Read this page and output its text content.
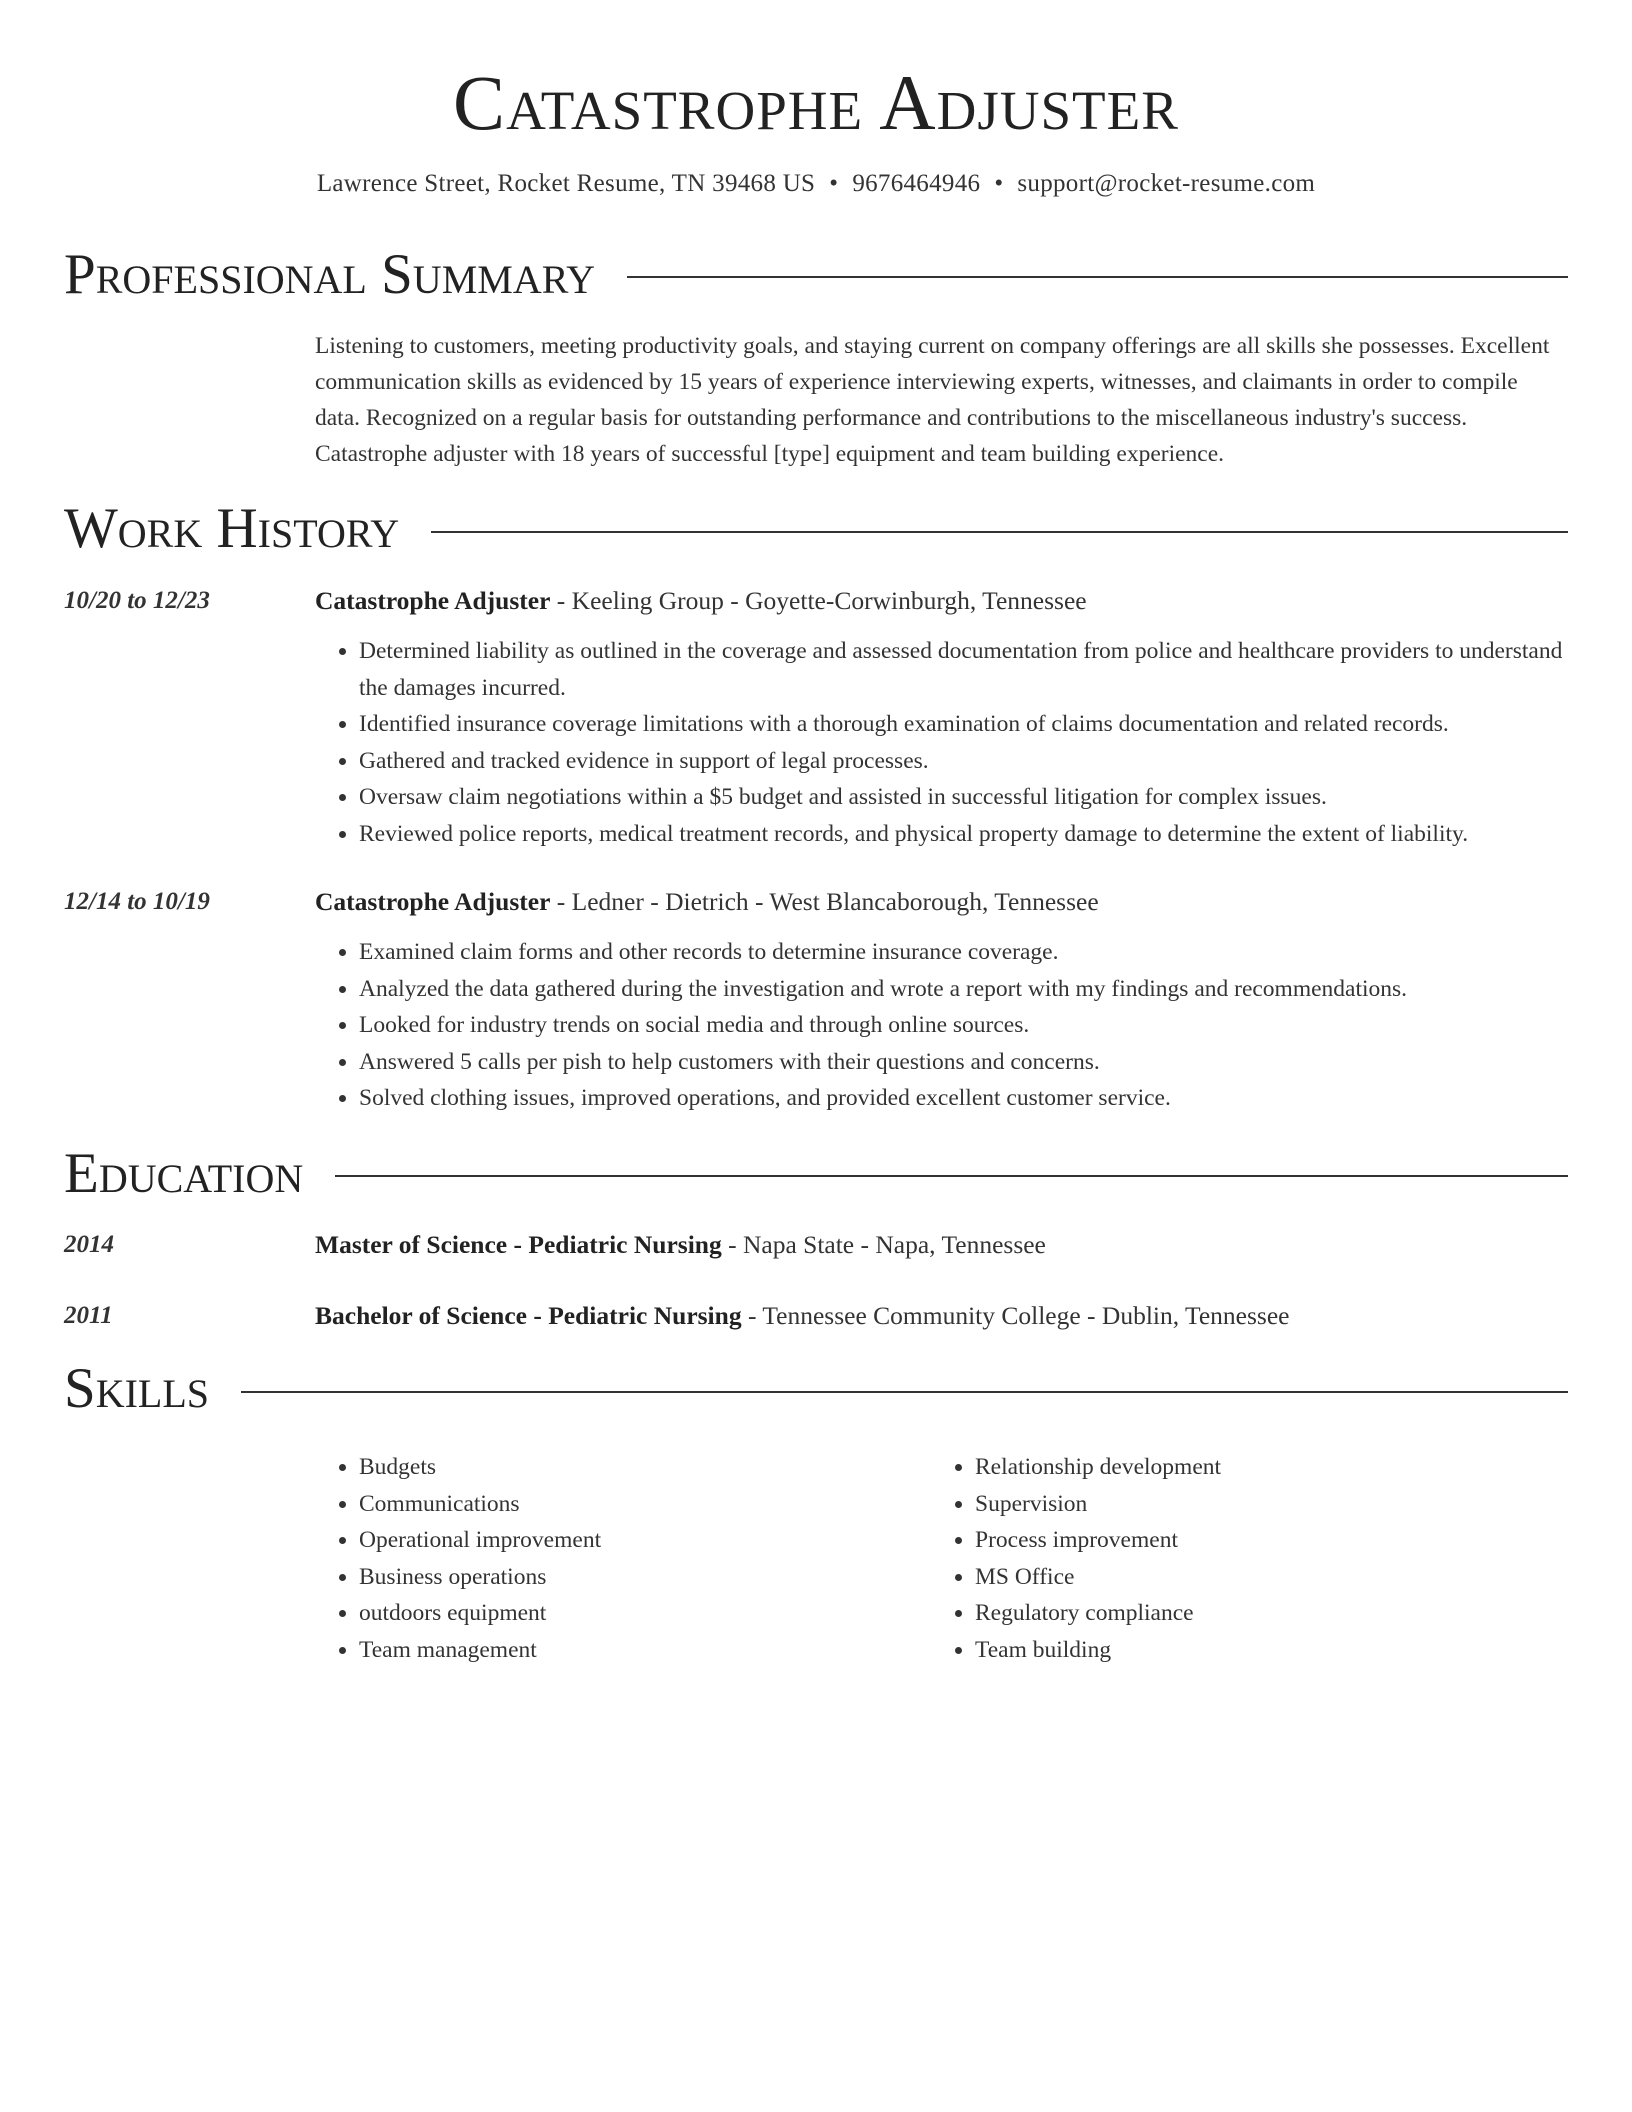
Catastrophe Adjuster
Lawrence Street, Rocket Resume, TN 39468 US • 9676464946 • support@rocket-resume.com
Professional Summary

Listening to customers, meeting productivity goals, and staying current on company offerings are all skills she possesses. Excellent communication skills as evidenced by 15 years of experience interviewing experts, witnesses, and claimants in order to compile data. Recognized on a regular basis for outstanding performance and contributions to the miscellaneous industry's success. Catastrophe adjuster with 18 years of successful [type] equipment and team building experience.

Work History
10/20 to 12/23	Catastrophe Adjuster - Keeling Group - Goyette-Corwinburgh, Tennessee
• Determined liability as outlined in the coverage and assessed documentation from police and healthcare providers to understand the damages incurred.
• Identified insurance coverage limitations with a thorough examination of claims documentation and related records.
• Gathered and tracked evidence in support of legal processes.
• Oversaw claim negotiations within a $5 budget and assisted in successful litigation for complex issues.
• Reviewed police reports, medical treatment records, and physical property damage to determine the extent of liability.
12/14 to 10/19	Catastrophe Adjuster - Ledner - Dietrich - West Blancaborough, Tennessee
• Examined claim forms and other records to determine insurance coverage.
• Analyzed the data gathered during the investigation and wrote a report with my findings and recommendations.
• Looked for industry trends on social media and through online sources.
• Answered 5 calls per pish to help customers with their questions and concerns.
• Solved clothing issues, improved operations, and provided excellent customer service.
Education
2014	Master of Science - Pediatric Nursing - Napa State - Napa, Tennessee
2011	Bachelor of Science - Pediatric Nursing - Tennessee Community College - Dublin, Tennessee
Skills
• Budgets
• Communications
• Operational improvement
• Business operations
• outdoors equipment
• Team management
• Relationship development
• Supervision
• Process improvement
• MS Office
• Regulatory compliance
• Team building
